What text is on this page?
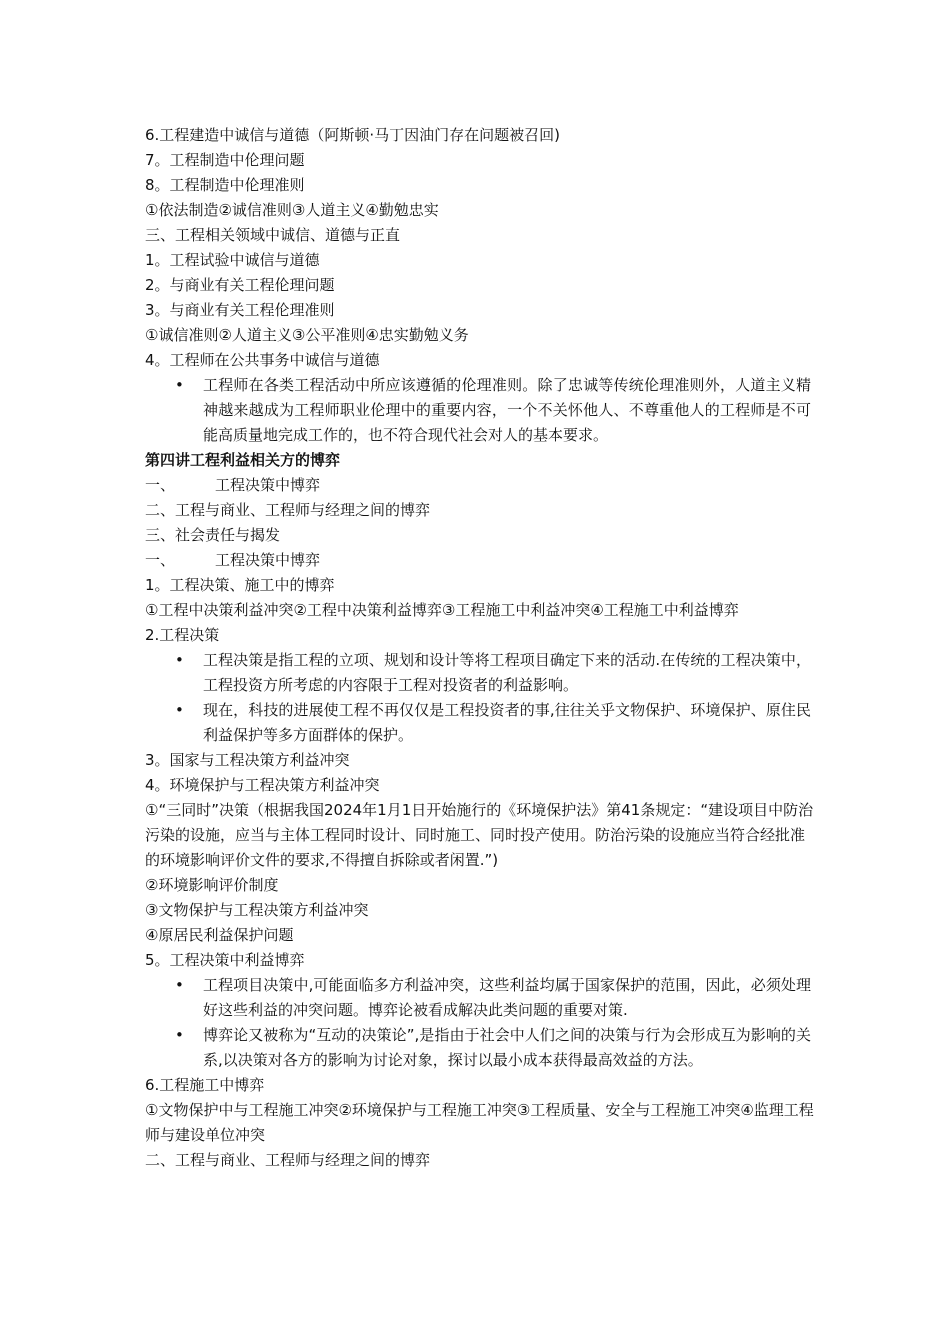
6.工程建造中诚信与道德（阿斯顿·马丁因油门存在问题被召回)
7。工程制造中伦理问题
8。工程制造中伦理准则
①依法制造②诚信准则③人道主义④勤勉忠实
三、工程相关领域中诚信、道德与正直
1。工程试验中诚信与道德
2。与商业有关工程伦理问题
3。与商业有关工程伦理准则
①诚信准则②人道主义③公平准则④忠实勤勉义务
4。工程师在公共事务中诚信与道德
• 工程师在各类工程活动中所应该遵循的伦理准则。除了忠诚等传统伦理准则外，人道主义精神越来越成为工程师职业伦理中的重要内容，一个不关怀他人、不尊重他人的工程师是不可能高质量地完成工作的，也不符合现代社会对人的基本要求。
第四讲工程利益相关方的博弈
一、	工程决策中博弈
二、工程与商业、工程师与经理之间的博弈
三、社会责任与揭发
一、	工程决策中博弈
1。工程决策、施工中的博弈
①工程中决策利益冲突②工程中决策利益博弈③工程施工中利益冲突④工程施工中利益博弈
2.工程决策
• 工程决策是指工程的立项、规划和设计等将工程项目确定下来的活动.在传统的工程决策中，工程投资方所考虑的内容限于工程对投资者的利益影响。
• 现在，科技的进展使工程不再仅仅是工程投资者的事,往往关乎文物保护、环境保护、原住民利益保护等多方面群体的保护。
3。国家与工程决策方利益冲突
4。环境保护与工程决策方利益冲突
①“三同时”决策（根据我国2024年1月1日开始施行的《环境保护法》第41条规定：“建设项目中防治污染的设施，应当与主体工程同时设计、同时施工、同时投产使用。防治污染的设施应当符合经批准的环境影响评价文件的要求,不得擅自拆除或者闲置.”)
②环境影响评价制度
③文物保护与工程决策方利益冲突
④原居民利益保护问题
5。工程决策中利益博弈
• 工程项目决策中,可能面临多方利益冲突，这些利益均属于国家保护的范围，因此，必须处理好这些利益的冲突问题。博弈论被看成解决此类问题的重要对策.
• 博弈论又被称为“互动的决策论”,是指由于社会中人们之间的决策与行为会形成互为影响的关系,以决策对各方的影响为讨论对象，探讨以最小成本获得最高效益的方法。
6.工程施工中博弈
①文物保护中与工程施工冲突②环境保护与工程施工冲突③工程质量、安全与工程施工冲突④监理工程师与建设单位冲突
二、工程与商业、工程师与经理之间的博弈
